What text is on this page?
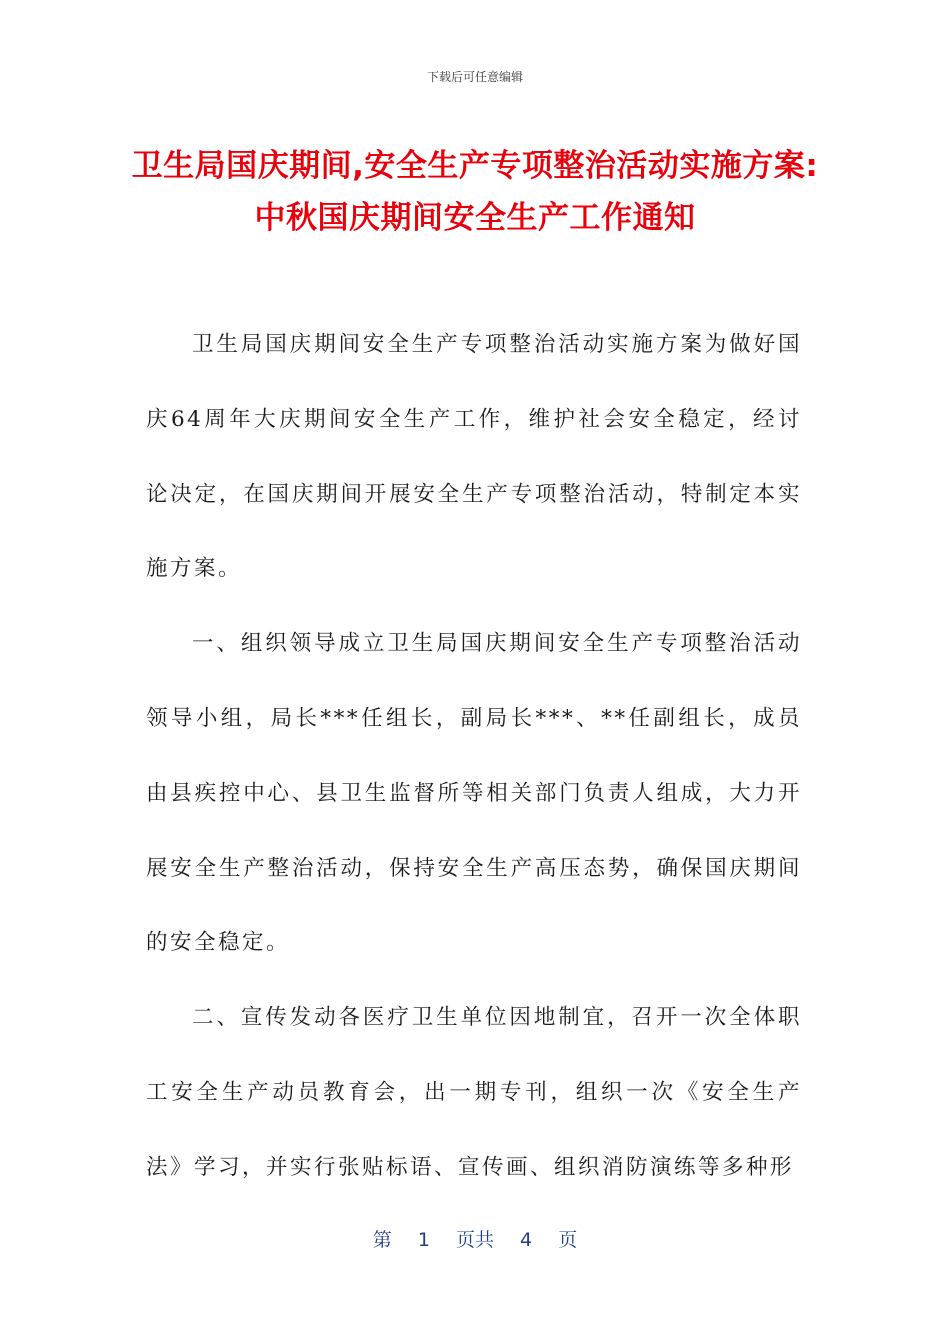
下载后可任意编辑
卫生局国庆期间,安全生产专项整治活动实施方案:中秋国庆期间安全生产工作通知

卫生局国庆期间安全生产专项整治活动实施方案为做好国庆64周年大庆期间安全生产工作，维护社会安全稳定，经讨论决定，在国庆期间开展安全生产专项整治活动，特制定本实施方案。

一、组织领导成立卫生局国庆期间安全生产专项整治活动领导小组，局长***任组长，副局长***、**任副组长，成员由县疾控中心、县卫生监督所等相关部门负责人组成，大力开展安全生产整治活动，保持安全生产高压态势，确保国庆期间的安全稳定。

二、宣传发动各医疗卫生单位因地制宜，召开一次全体职工安全生产动员教育会，出一期专刊，组织一次《安全生产法》学习，并实行张贴标语、宣传画、组织消防演练等多种形

第 1 页共 4 页
